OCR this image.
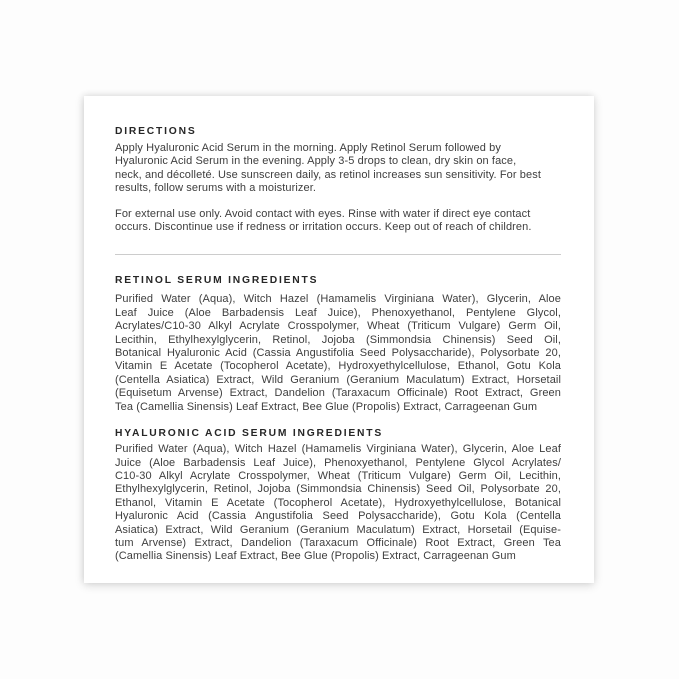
DIRECTIONS
Apply Hyaluronic Acid Serum in the morning. Apply Retinol Serum followed by
Hyaluronic Acid Serum in the evening. Apply 3-5 drops to clean, dry skin on face,
neck, and décolleté. Use sunscreen daily, as retinol increases sun sensitivity. For best
results, follow serums with a moisturizer.
For external use only. Avoid contact with eyes. Rinse with water if direct eye contact
occurs. Discontinue use if redness or irritation occurs. Keep out of reach of children.
RETINOL SERUM INGREDIENTS
Purified Water (Aqua), Witch Hazel (Hamamelis Virginiana Water), Glycerin, Aloe
Leaf Juice (Aloe Barbadensis Leaf Juice), Phenoxyethanol, Pentylene Glycol,
Acrylates/C10-30 Alkyl Acrylate Crosspolymer, Wheat (Triticum Vulgare) Germ Oil,
Lecithin, Ethylhexylglycerin, Retinol, Jojoba (Simmondsia Chinensis) Seed Oil,
Botanical Hyaluronic Acid (Cassia Angustifolia Seed Polysaccharide), Polysorbate 20,
Vitamin E Acetate (Tocopherol Acetate), Hydroxyethylcellulose, Ethanol, Gotu Kola
(Centella Asiatica) Extract, Wild Geranium (Geranium Maculatum) Extract, Horsetail
(Equisetum Arvense) Extract, Dandelion (Taraxacum Officinale) Root Extract, Green
Tea (Camellia Sinensis) Leaf Extract, Bee Glue (Propolis) Extract, Carrageenan Gum
HYALURONIC ACID SERUM INGREDIENTS
Purified Water (Aqua), Witch Hazel (Hamamelis Virginiana Water), Glycerin, Aloe Leaf
Juice (Aloe Barbadensis Leaf Juice), Phenoxyethanol, Pentylene Glycol Acrylates/
C10-30 Alkyl Acrylate Crosspolymer, Wheat (Triticum Vulgare) Germ Oil, Lecithin,
Ethylhexylglycerin, Retinol, Jojoba (Simmondsia Chinensis) Seed Oil, Polysorbate 20,
Ethanol, Vitamin E Acetate (Tocopherol Acetate), Hydroxyethylcellulose, Botanical
Hyaluronic Acid (Cassia Angustifolia Seed Polysaccharide), Gotu Kola (Centella
Asiatica) Extract, Wild Geranium (Geranium Maculatum) Extract, Horsetail (Equise-
tum Arvense) Extract, Dandelion (Taraxacum Officinale) Root Extract, Green Tea
(Camellia Sinensis) Leaf Extract, Bee Glue (Propolis) Extract, Carrageenan Gum
